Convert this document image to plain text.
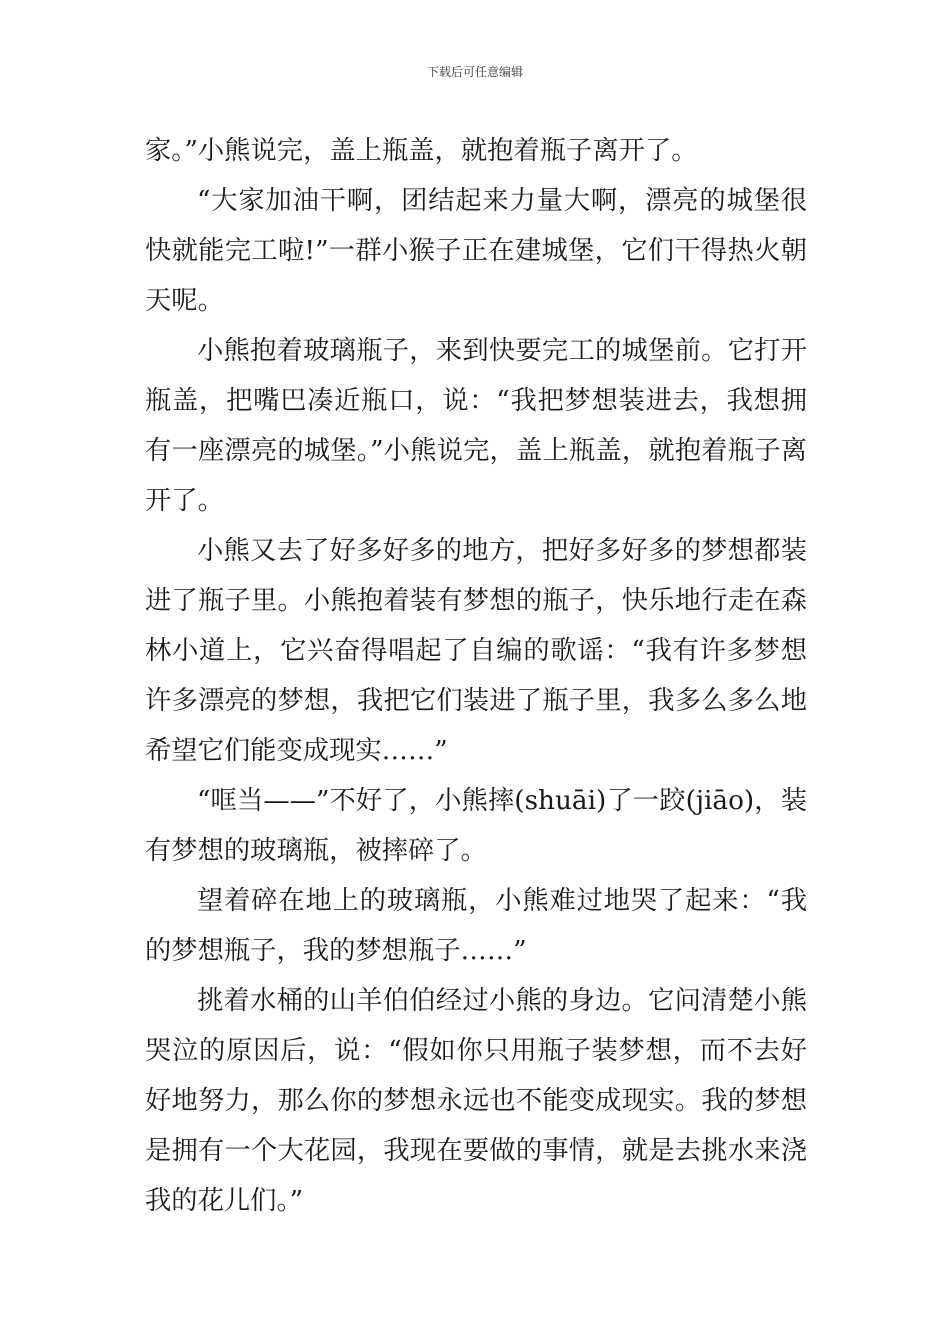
下载后可任意编辑

家。”小熊说完，盖上瓶盖，就抱着瓶子离开了。

“大家加油干啊，团结起来力量大啊，漂亮的城堡很快就能完工啦!”一群小猴子正在建城堡，它们干得热火朝天呢。

小熊抱着玻璃瓶子，来到快要完工的城堡前。它打开瓶盖，把嘴巴凑近瓶口，说：“我把梦想装进去，我想拥有一座漂亮的城堡。”小熊说完，盖上瓶盖，就抱着瓶子离开了。

小熊又去了好多好多的地方，把好多好多的梦想都装进了瓶子里。小熊抱着装有梦想的瓶子，快乐地行走在森林小道上，它兴奋得唱起了自编的歌谣：“我有许多梦想许多漂亮的梦想，我把它们装进了瓶子里，我多么多么地希望它们能变成现实……”

“哐当——”不好了，小熊摔(shuāi)了一跤(jiāo)，装有梦想的玻璃瓶，被摔碎了。

望着碎在地上的玻璃瓶，小熊难过地哭了起来：“我的梦想瓶子，我的梦想瓶子……”

挑着水桶的山羊伯伯经过小熊的身边。它问清楚小熊哭泣的原因后，说：“假如你只用瓶子装梦想，而不去好好地努力，那么你的梦想永远也不能变成现实。我的梦想是拥有一个大花园，我现在要做的事情，就是去挑水来浇我的花儿们。”
